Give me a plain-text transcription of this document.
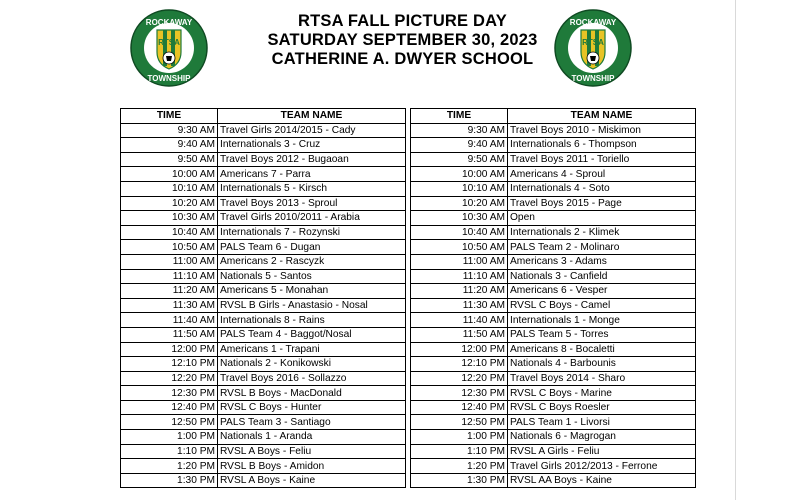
ROCKAWAY
RTSA
TOWNSHIP
ROCKAWAY
RTSA
TOWNSHIP
RTSA FALL PICTURE DAY
SATURDAY SEPTEMBER 30, 2023
CATHERINE A. DWYER SCHOOL
TIME	TEAM NAME
9:30 AM	Travel Girls 2014/2015 - Cady
9:40 AM	Internationals 3 - Cruz
9:50 AM	Travel Boys 2012 - Bugaoan
10:00 AM	Americans 7 - Parra
10:10 AM	Internationals 5 - Kirsch
10:20 AM	Travel Boys 2013 - Sproul
10:30 AM	Travel Girls 2010/2011 - Arabia
10:40 AM	Internationals 7 - Rozynski
10:50 AM	PALS Team 6 - Dugan
11:00 AM	Americans 2 - Rascyzk
11:10 AM	Nationals 5 - Santos
11:20 AM	Americans 5 - Monahan
11:30 AM	RVSL B Girls - Anastasio - Nosal
11:40 AM	Internationals 8 - Rains
11:50 AM	PALS Team 4 - Baggot/Nosal
12:00 PM	Americans 1 - Trapani
12:10 PM	Nationals 2 - Konikowski
12:20 PM	Travel Boys 2016 - Sollazzo
12:30 PM	RVSL B Boys - MacDonald
12:40 PM	RVSL C Boys - Hunter
12:50 PM	PALS Team 3 - Santiago
1:00 PM	Nationals 1 - Aranda
1:10 PM	RVSL A Boys - Feliu
1:20 PM	RVSL B Boys - Amidon
1:30 PM	RVSL A Boys - Kaine
TIME	TEAM NAME
9:30 AM	Travel Boys 2010 - Miskimon
9:40 AM	Internationals 6 - Thompson
9:50 AM	Travel Boys 2011 - Toriello
10:00 AM	Americans 4 - Sproul
10:10 AM	Internationals 4 - Soto
10:20 AM	Travel Boys 2015 - Page
10:30 AM	Open
10:40 AM	Internationals 2 - Klimek
10:50 AM	PALS Team 2 - Molinaro
11:00 AM	Americans 3 - Adams
11:10 AM	Nationals 3 - Canfield
11:20 AM	Americans 6 - Vesper
11:30 AM	RVSL C Boys - Camel
11:40 AM	Internationals 1 - Monge
11:50 AM	PALS Team 5 - Torres
12:00 PM	Americans 8 - Bocaletti
12:10 PM	Nationals 4 - Barbounis
12:20 PM	Travel Boys 2014 - Sharo
12:30 PM	RVSL C Boys - Marine
12:40 PM	RVSL C Boys Roesler
12:50 PM	PALS Team 1 - Livorsi
1:00 PM	Nationals 6 - Magrogan
1:10 PM	RVSL A Girls - Feliu
1:20 PM	Travel Girls 2012/2013 - Ferrone
1:30 PM	RVSL AA Boys - Kaine
